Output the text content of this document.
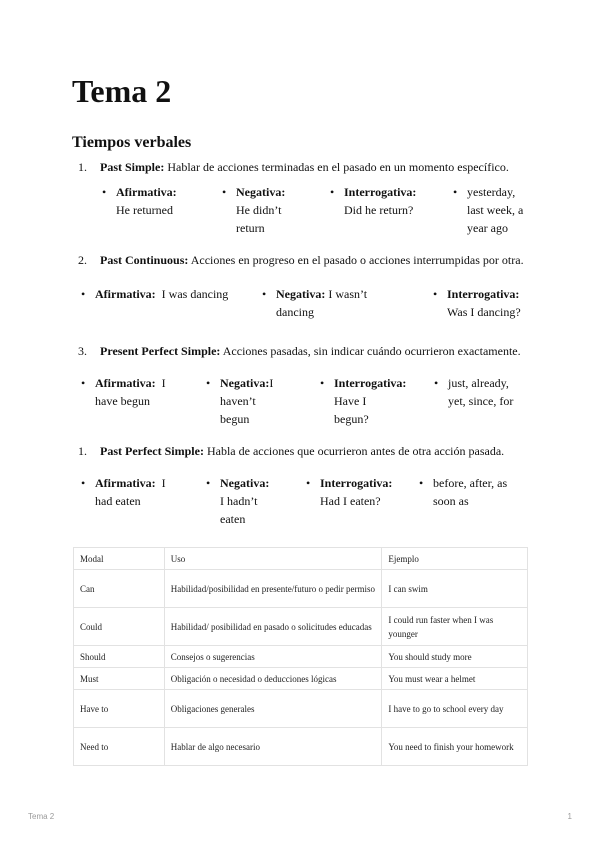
Tema 2
Tiempos verbales
1. Past Simple: Hablar de acciones terminadas en el pasado en un momento específico.
• Afirmativa:
He returned
• Negativa:
He didn’t
return
• Interrogativa:
Did he return?
• yesterday,
last week, a
year ago
2. Past Continuous: Acciones en progreso en el pasado o acciones interrumpidas por otra.
• Afirmativa: I was dancing	• Negativa: I wasn’t
dancing
• Interrogativa:
Was I dancing?
3. Present Perfect Simple: Acciones pasadas, sin indicar cuándo ocurrieron exactamente.
• Afirmativa: I
have begun
• Negativa:I
haven’t
begun
• Interrogativa:
Have I
begun?
• just, already,
yet, since, for
1. Past Perfect Simple: Habla de acciones que ocurrieron antes de otra acción pasada.
• Afirmativa: I
had eaten
• Negativa:
I hadn’t
eaten
• Interrogativa:
Had I eaten?
• before, after, as
soon as
Modal	Uso	Ejemplo
Can	Habilidad/posibilidad en presente/futuro o pedir permiso	I can swim
Could	Habilidad/ posibilidad en pasado o solicitudes educadas	I could run faster when I was younger
Should	Consejos o sugerencias	You should study more
Must	Obligación o necesidad o deducciones lógicas	You must wear a helmet
Have to	Obligaciones generales	I have to go to school every day
Need to	Hablar de algo necesario	You need to finish your homework
Tema 2	1
